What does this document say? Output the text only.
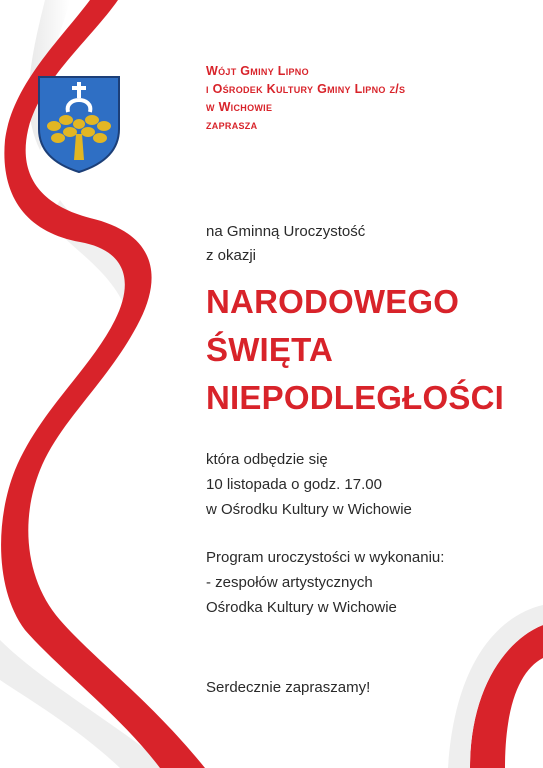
Wójt Gminy Lipno
i Ośrodek Kultury Gminy Lipno z/s
w Wichowie
zaprasza
na Gminną Uroczystość
z okazji
NARODOWEGO
ŚWIĘTA
NIEPODLEGŁOŚCI
która odbędzie się
10 listopada o godz. 17.00
w Ośrodku Kultury w Wichowie
Program uroczystości w wykonaniu:
- zespołów artystycznych
Ośrodka Kultury w Wichowie
Serdecznie zapraszamy!
